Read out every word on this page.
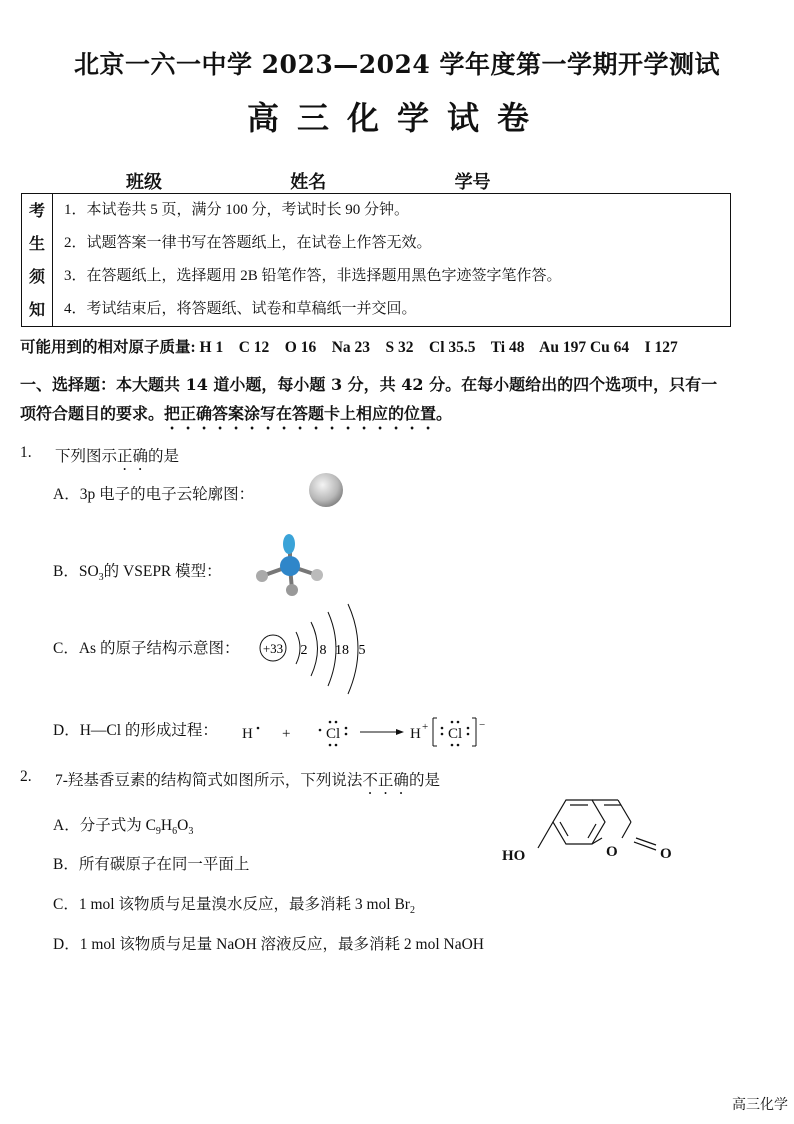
北京一六一中学 2023—2024 学年度第一学期开学测试
高三化学试卷
班级	姓名	学号
考
生
须
知
1．本试卷共 5 页，满分 100 分，考试时长 90 分钟。
2．试题答案一律书写在答题纸上，在试卷上作答无效。
3．在答题纸上，选择题用 2B 铅笔作答，非选择题用黑色字迹签字笔作答。
4．考试结束后，将答题纸、试卷和草稿纸一并交回。
可能用到的相对原子质量: H 1    C 12    O 16    Na 23    S 32    Cl 35.5    Ti 48    Au 197 Cu 64    I 127
一、选择题：本大题共 14 道小题，每小题 3 分，共 42 分。在每小题给出的四个选项中，只有一
项符合题目的要求。把正确答案涂写在答题卡上相应的位置。
1. 下列图示正确的是
A．3p 电子的电子云轮廓图：
B．$SO_3$的 VSEPR 模型：
C．As 的原子结构示意图： +33 2 8 18 5
D．H—Cl 的形成过程： H + Cl	H + Cl
−
2. 7-羟基香豆素的结构简式如图所示，下列说法不正确的是
A．分子式为 $C_9H_6O_3$
B．所有碳原子在同一平面上
C．1 mol 该物质与足量溴水反应，最多消耗 3 mol $Br_2$
D．1 mol 该物质与足量 NaOH 溶液反应，最多消耗 2 mol NaOH
HO	O	O
高三化学
